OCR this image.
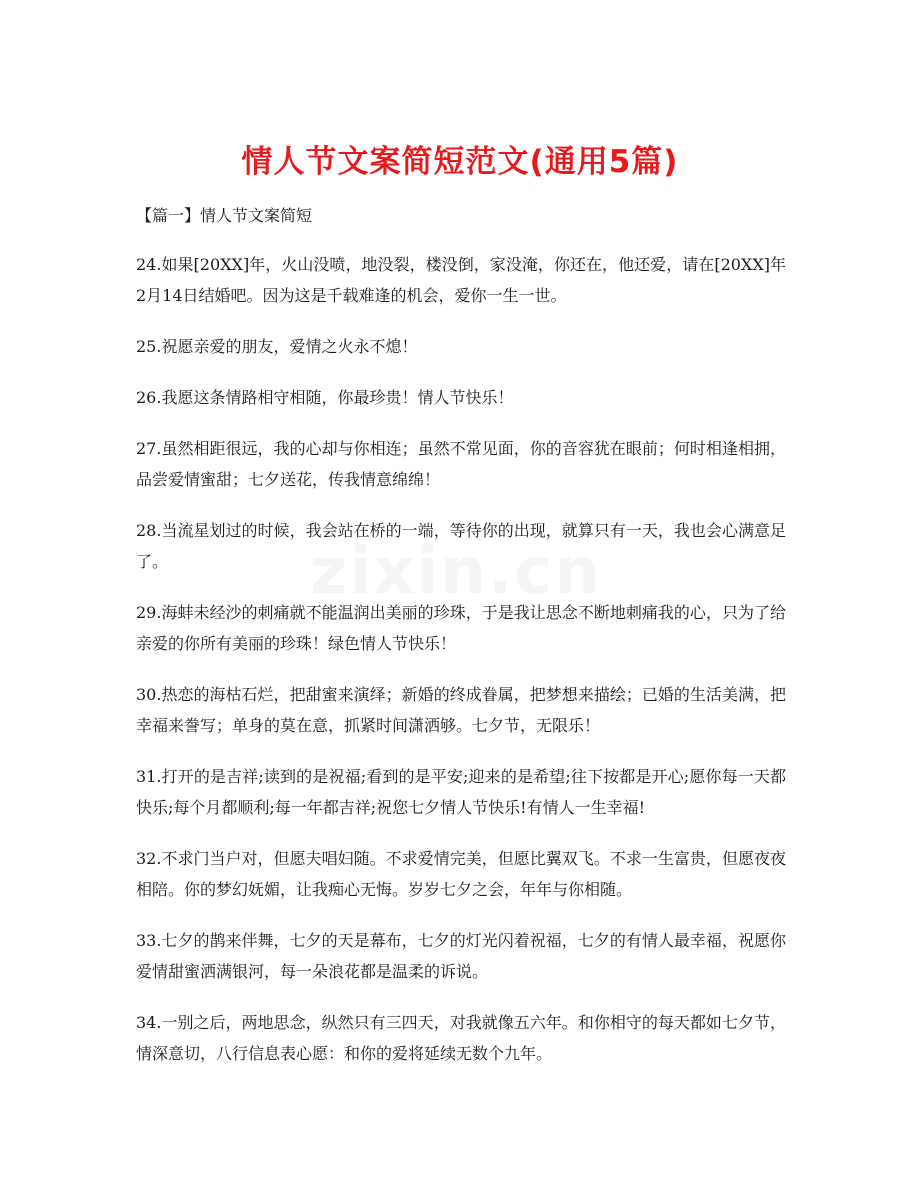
zixin.cn
情人节文案简短范文(通用5篇)

【篇一】情人节文案简短

24.如果[20XX]年，火山没喷，地没裂，楼没倒，家没淹，你还在，他还爱，请在[20XX]年2月14日结婚吧。因为这是千载难逢的机会，爱你一生一世。

25.祝愿亲爱的朋友，爱情之火永不熄！

26.我愿这条情路相守相随，你最珍贵！情人节快乐！

27.虽然相距很远，我的心却与你相连；虽然不常见面，你的音容犹在眼前；何时相逢相拥，品尝爱情蜜甜；七夕送花，传我情意绵绵！

28.当流星划过的时候，我会站在桥的一端，等待你的出现，就算只有一天，我也会心满意足了。

29.海蚌未经沙的刺痛就不能温润出美丽的珍珠，于是我让思念不断地刺痛我的心，只为了给亲爱的你所有美丽的珍珠！绿色情人节快乐！

30.热恋的海枯石烂，把甜蜜来演绎；新婚的终成眷属，把梦想来描绘；已婚的生活美满，把幸福来誊写；单身的莫在意，抓紧时间潇洒够。七夕节，无限乐！

31.打开的是吉祥;读到的是祝福;看到的是平安;迎来的是希望;往下按都是开心;愿你每一天都快乐;每个月都顺利;每一年都吉祥;祝您七夕情人节快乐!有情人一生幸福!

32.不求门当户对，但愿夫唱妇随。不求爱情完美，但愿比翼双飞。不求一生富贵，但愿夜夜相陪。你的梦幻妩媚，让我痴心无悔。岁岁七夕之会，年年与你相随。

33.七夕的鹊来伴舞，七夕的天是幕布，七夕的灯光闪着祝福，七夕的有情人最幸福，祝愿你爱情甜蜜洒满银河，每一朵浪花都是温柔的诉说。

34.一别之后，两地思念，纵然只有三四天，对我就像五六年。和你相守的每天都如七夕节，情深意切，八行信息表心愿：和你的爱将延续无数个九年。
